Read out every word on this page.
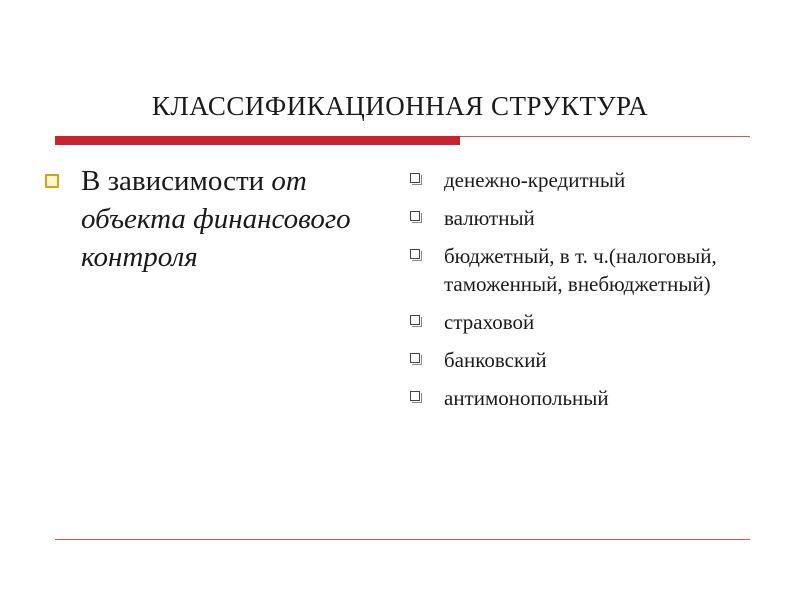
КЛАССИФИКАЦИОННАЯ СТРУКТУРА
В зависимости от объекта финансового контроля
денежно-кредитный
валютный
бюджетный, в т. ч.(налоговый, таможенный, внебюджетный)
страховой
банковский
антимонопольный
